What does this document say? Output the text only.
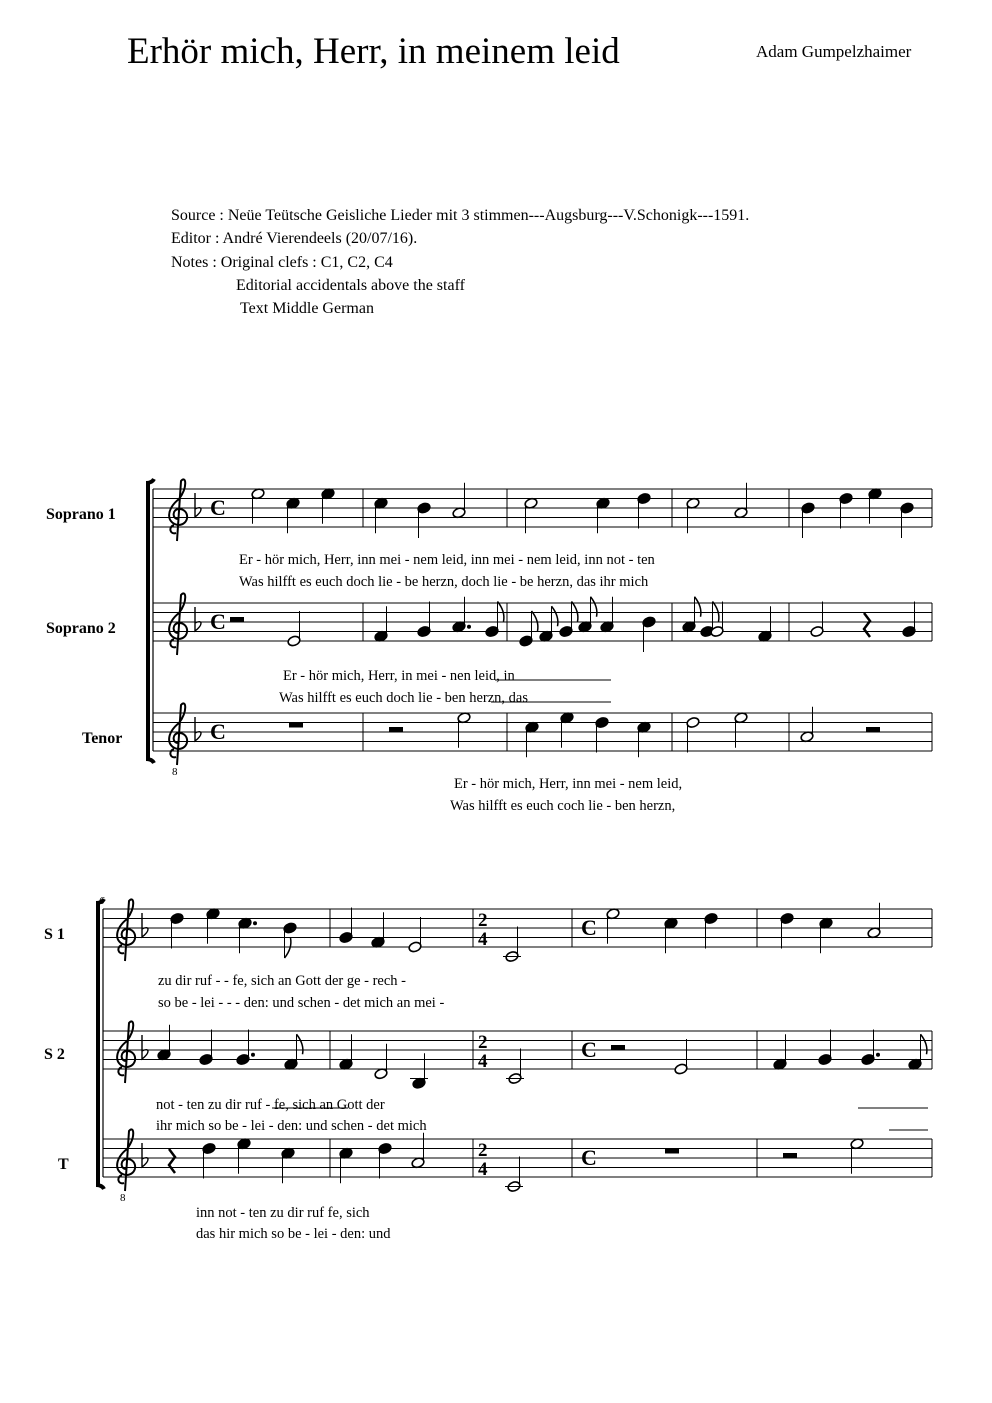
Erhör mich, Herr, in meinem leid	Adam Gumpelzhaimer
Source : Neüe Teütsche Geisliche Lieder mit 3 stimmen---Augsburg---V.Schonigk---1591.
Editor : André Vierendeels (20/07/16).
Notes : Original clefs : C1, C2, C4
Editorial accidentals above the staff
Text Middle German
Soprano 1
Soprano 2
Tenor
S 1
S 2
T
Er - hör mich, Herr, inn mei - nem leid, inn mei - nem leid, inn not - ten
Was hilfft es euch doch lie - be herzn, doch lie - be herzn, das ihr mich
Er - hör mich, Herr, in mei - nen leid, in
Was hilfft es euch doch lie - ben herzn, das
Er - hör mich, Herr, inn mei - nem leid,
Was hilfft es euch coch lie - ben herzn,
zu dir ruf - - fe, sich an Gott der ge - rech -
so be - lei - - - den: und schen - det mich an mei -
not - ten zu dir ruf - fe, sich an Gott der
ihr mich so be - lei - den: und schen - det mich
inn not - ten zu dir ruf fe, sich
das hir mich so be - lei - den: und
C
C
8
C
2
4	C
2
4	C
8
2
4	C
6
